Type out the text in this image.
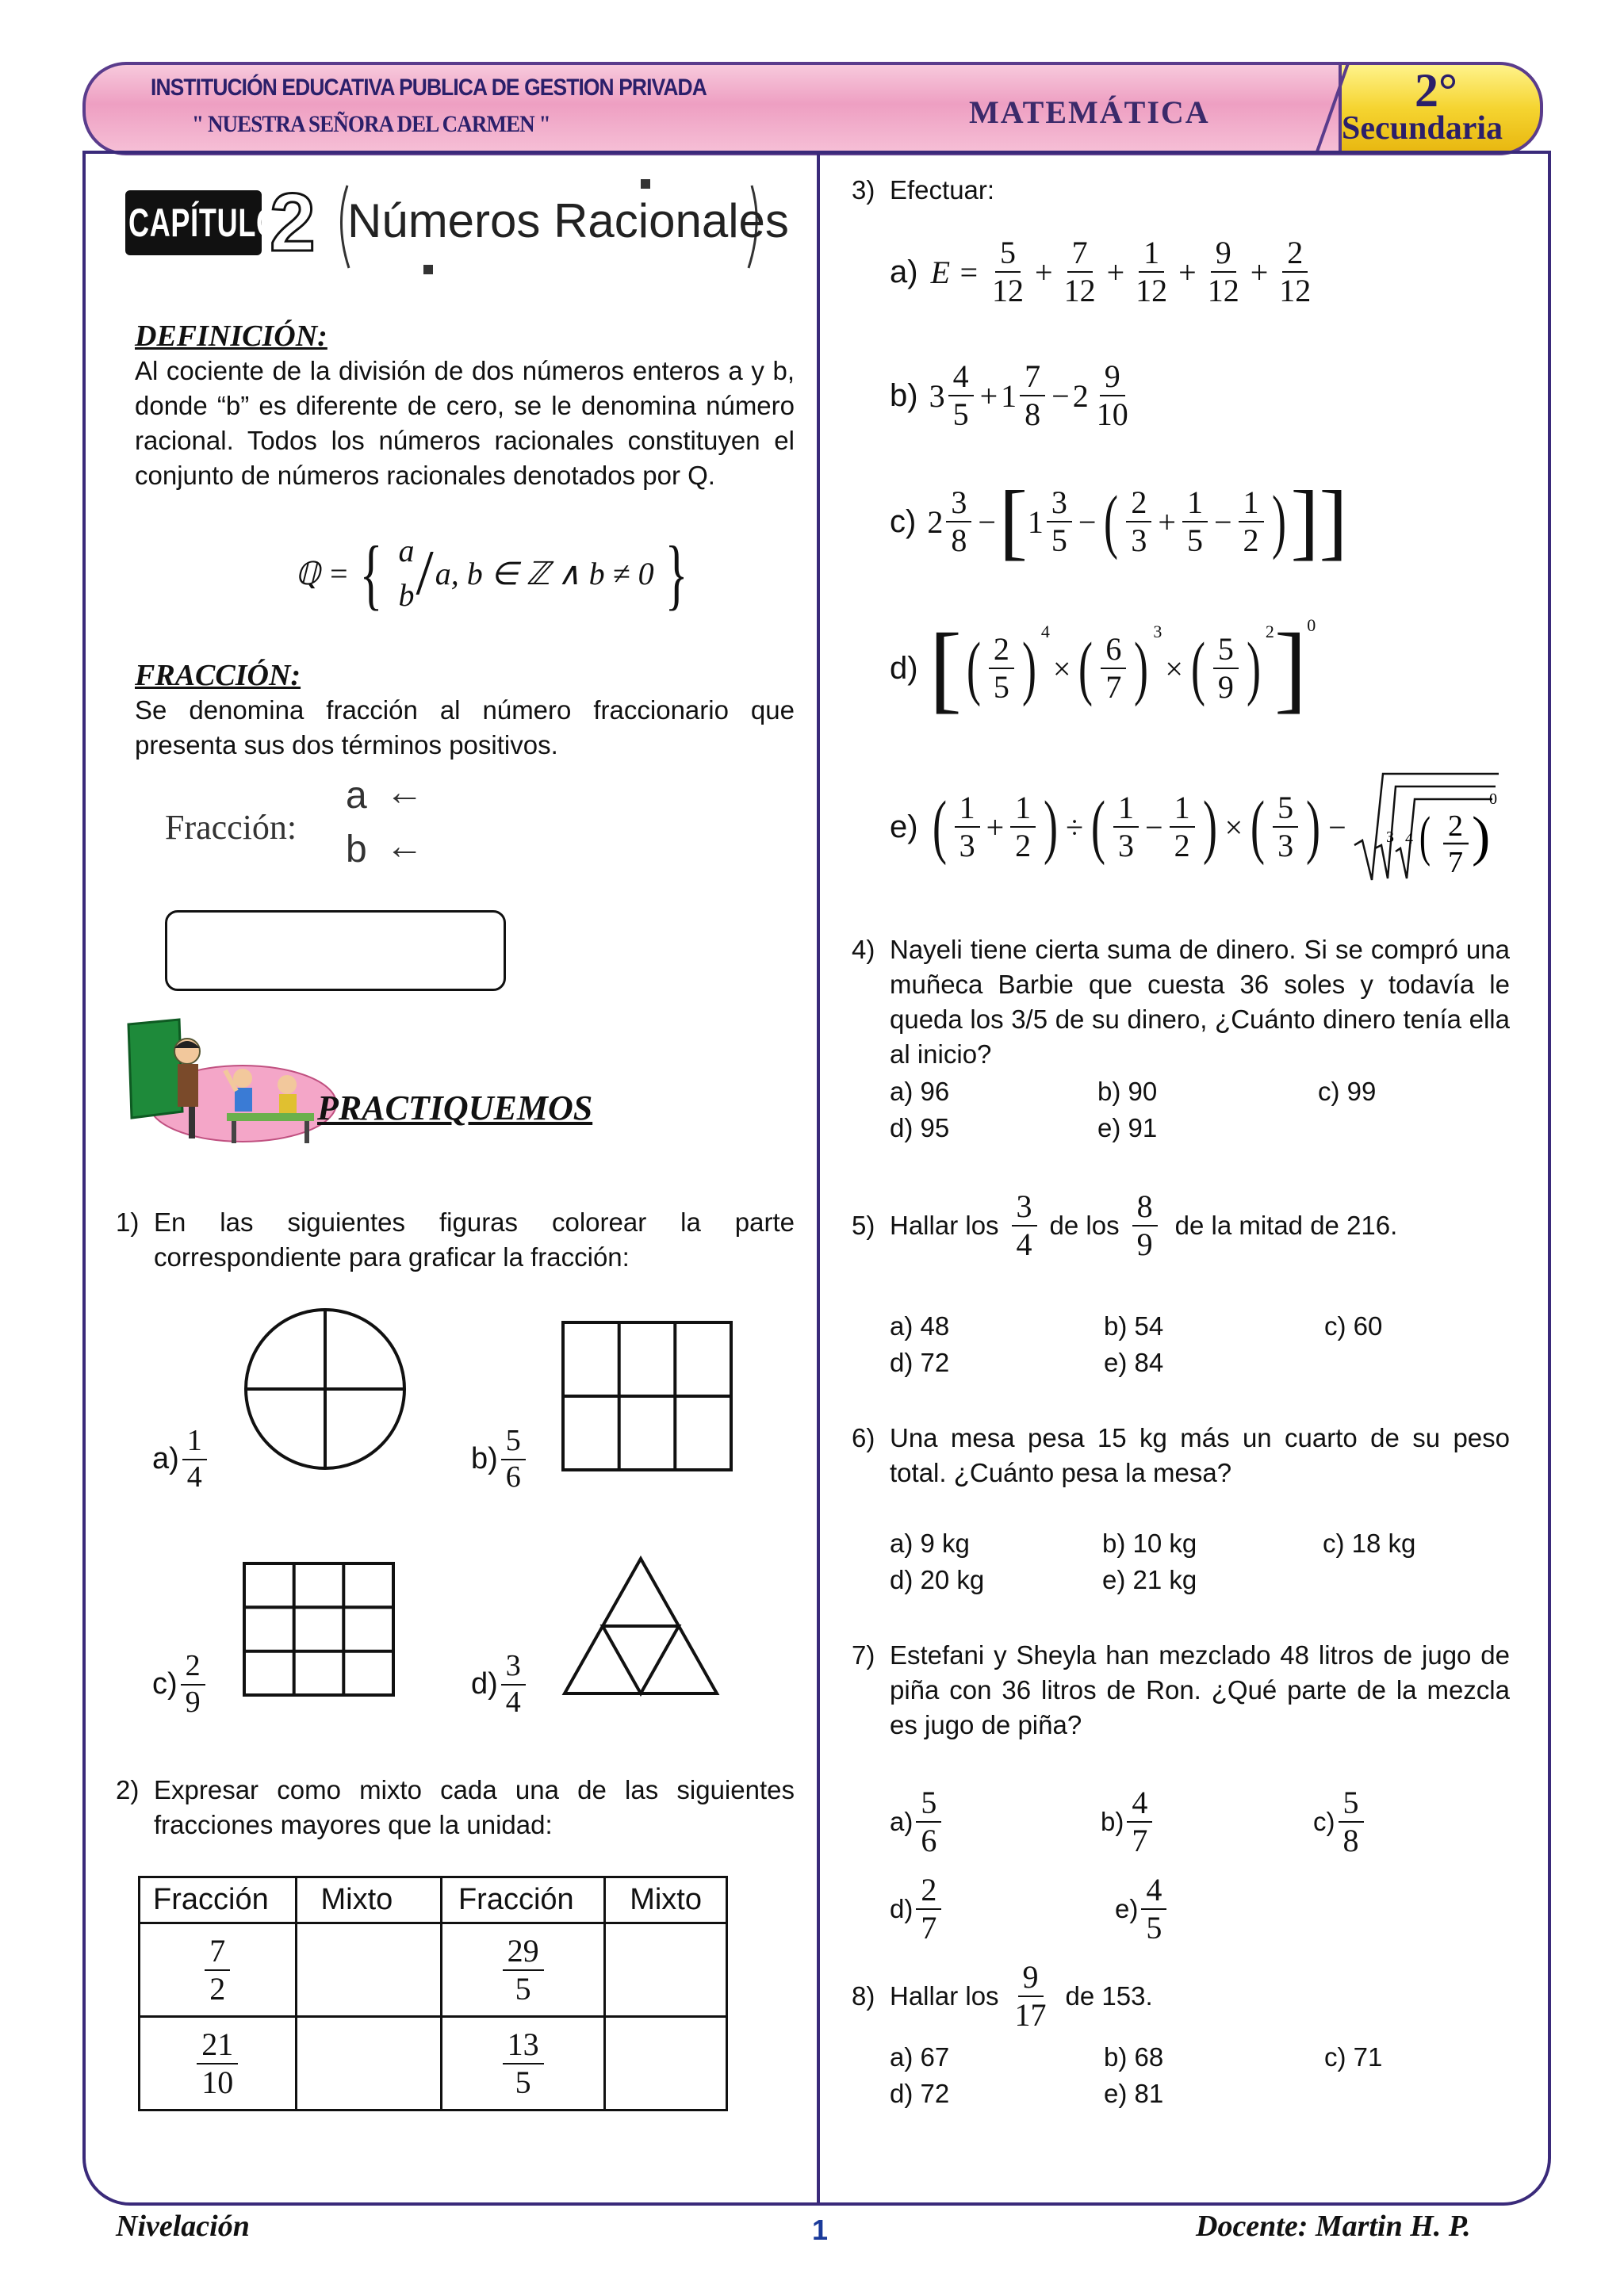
INSTITUCIÓN EDUCATIVA PUBLICA DE GESTION PRIVADA
" NUESTRA SEÑORA DEL CARMEN "	MATEMÁTICA	2°
Secundaria
CAPÍTULO
2 Números Racionales
DEFINICIÓN:

Al cociente de la división de dos números enteros a y b, donde “b” es diferente de cero, se le denomina número racional. Todos los números racionales constituyen el conjunto de números racionales denotados por Q.

ℚ = { a
b / a, b ∈ ℤ ∧ b ≠ 0 }
FRACCIÓN:

Se denomina fracción al número fraccionario que presenta sus dos términos positivos.

Fracción:
a ←
b ←
PRACTIQUEMOS
1) En las siguientes figuras colorear la parte correspondiente para graficar la fracción:

$a) \frac{1}{4}$	$b) \frac{5}{6}$
$c) \frac{2}{9}$	$d) \frac{3}{4}$
2) Expresar como mixto cada una de las siguientes fracciones mayores que la unidad:

Fracción	Mixto	Fracción	Mixto

$\frac{7}{2}$		$\frac{29}{5}$

$\frac{21}{10}$		$\frac{13}{5}$

3) Efectuar:
a) $E = \frac{5}{12} + \frac{7}{12} + \frac{1}{12} + \frac{9}{12} + \frac{2}{12}$
b) $3 \frac{4}{5} + 1 \frac{7}{8} - 2 \frac{9}{10}$
c) $2 \frac{3}{8}$ − [ $1 \frac{3}{5}$ − ( $\frac{2}{3} + \frac{1}{5} - \frac{1}{2}$ ) ]]
d) [ ( $\frac{2}{5}$ ) 4
× ( $\frac{6}{7}$ ) 3
× ( $\frac{5}{9}$ ) 2 ] 0
e) ( $\frac{1}{3} + \frac{1}{2}$ ) ÷ ( $\frac{1}{3} - \frac{1}{2}$ ) × ( $\frac{5}{3}$ ) −	3 4 ( 2
7 )
0
4) Nayeli tiene cierta suma de dinero. Si se compró una muñeca Barbie que cuesta 36 soles y todavía le queda los 3/5 de su dinero, ¿Cuánto dinero tenía ella al inicio?

a) 96	b) 90	c) 99
d) 95	e) 91
5) Hallar los $\frac{3}{4}$ de los $\frac{8}{9}$ de la mitad de 216.
a) 48	b) 54	c) 60
d) 72	e) 84
6) Una mesa pesa 15 kg más un cuarto de su peso total. ¿Cuánto pesa la mesa?

a) 9 kg	b) 10 kg	c) 18 kg
d) 20 kg	e) 21 kg
7) Estefani y Sheyla han mezclado 48 litros de jugo de piña con 36 litros de Ron. ¿Qué parte de la mezcla es jugo de piña?

$a) \frac{5}{6}$	$b) \frac{4}{7}$	$c) \frac{5}{8}$
$d) \frac{2}{7}$	$e) \frac{4}{5}$
8) Hallar los $\frac{9}{17}$ de 153.
a) 67	b) 68	c) 71
d) 72	e) 81
Nivelación	1	Docente: Martin H. P.
